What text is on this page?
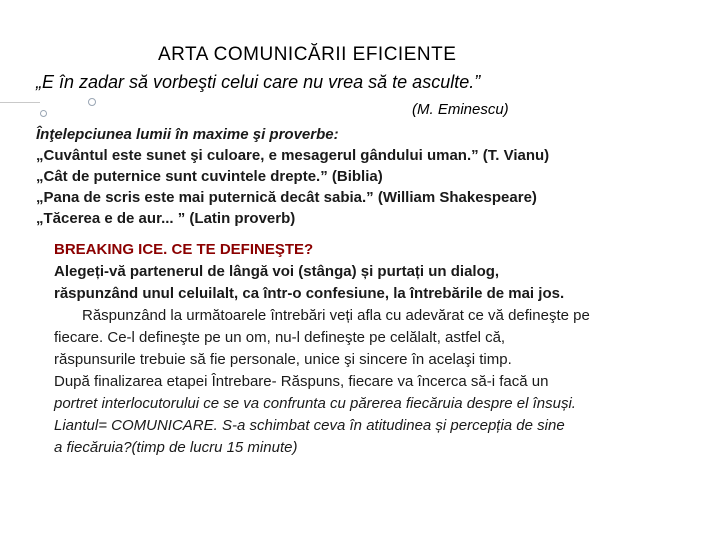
ARTA COMUNICĂRII EFICIENTE
„E în zadar să vorbeşti celui care nu vrea să te asculte.”
(M. Eminescu)
Înţelepciunea lumii în maxime şi proverbe:
„Cuvântul este sunet şi culoare, e mesagerul gândului uman.” (T. Vianu)
„Cât de puternice sunt cuvintele drepte.” (Biblia)
„Pana de scris este mai puternică decât sabia.” (William Shakespeare)
„Tăcerea e de aur... ” (Latin proverb)
BREAKING ICE. CE TE DEFINEŞTE?
Alegeți-vă partenerul de lângă voi (stânga) și purtați un dialog,
răspunzând unul celuilalt, ca într-o confesiune, la întrebările de mai jos.
Răspunzând la următoarele întrebări veți afla cu adevărat ce vă defineşte pe
fiecare. Ce-l defineşte pe un om, nu-l defineşte pe celălalt, astfel că,
răspunsurile trebuie să fie personale, unice şi sincere în acelaşi timp.
După finalizarea etapei Întrebare- Răspuns, fiecare va încerca să-i facă un
portret interlocutorului ce se va confrunta cu părerea fiecăruia despre el însuși.
Liantul= COMUNICARE. S-a schimbat ceva în atitudinea și percepția de sine
a fiecăruia?(timp de lucru 15 minute)
